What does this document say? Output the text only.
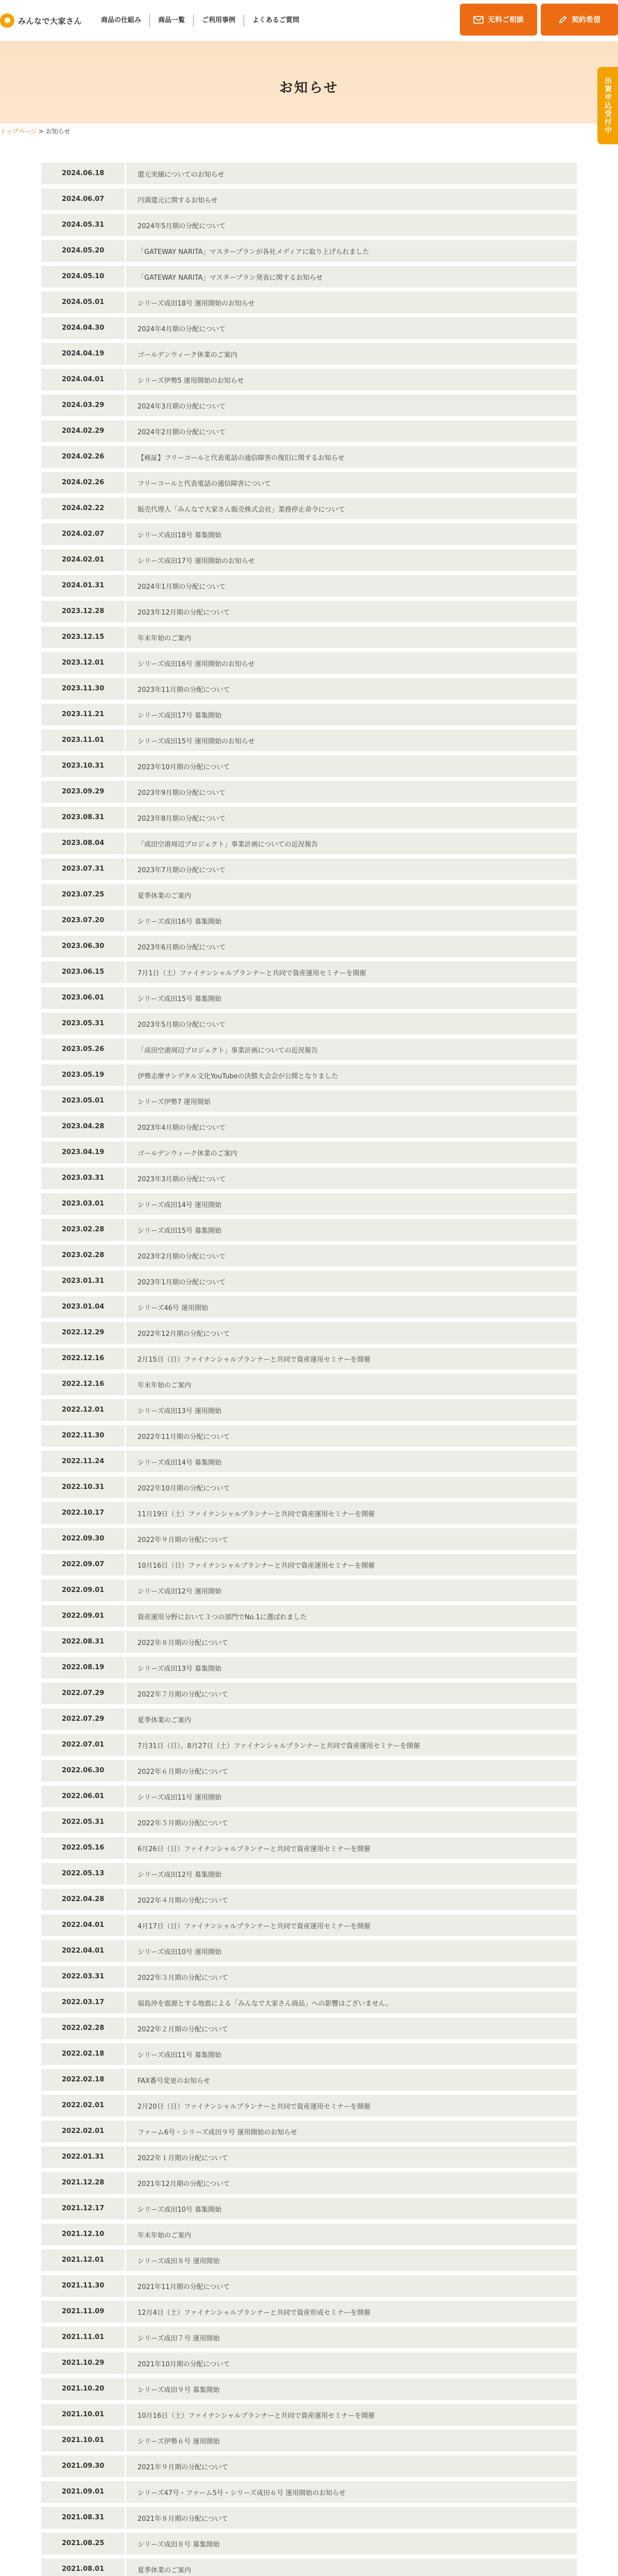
みんなで大家さん	商品の仕組み	商品一覧	ご利用事例	よくあるご質問	无料ご相談	契約希望
お知らせ	出資申込受付中
トップページ > お知らせ
2024.06.18	還元実績についてのお知らせ
2024.06.07	円満還元に関するお知らせ
2024.05.31	2024年5月期の分配について
2024.05.20	「GATEWAY NARITA」マスタープランが各社メディアに取り上げられました
2024.05.10	「GATEWAY NARITA」マスタープラン発表に関するお知らせ
2024.05.01	シリーズ成田18号 運用開始のお知らせ
2024.04.30	2024年4月期の分配について
2024.04.19	ゴールデンウィーク休業のご案内
2024.04.01	シリーズ伊勢5 運用開始のお知らせ
2024.03.29	2024年3月期の分配について
2024.02.29	2024年2月期の分配について
2024.02.26	【検証】フリーコールと代表電話の通信障害の復旧に関するお知らせ
2024.02.26	フリーコールと代表電話の通信障害について
2024.02.22	販売代理人「みんなで大家さん販売株式会社」業務停止命令について
2024.02.07	シリーズ成田18号 募集開始
2024.02.01	シリーズ成田17号 運用開始のお知らせ
2024.01.31	2024年1月期の分配について
2023.12.28	2023年12月期の分配について
2023.12.15	年末年始のご案内
2023.12.01	シリーズ成田16号 運用開始のお知らせ
2023.11.30	2023年11月期の分配について
2023.11.21	シリーズ成田17号 募集開始
2023.11.01	シリーズ成田15号 運用開始のお知らせ
2023.10.31	2023年10月期の分配について
2023.09.29	2023年9月期の分配について
2023.08.31	2023年8月期の分配について
2023.08.04	「成田空港周辺プロジェクト」事業計画についての近況報告
2023.07.31	2023年7月期の分配について
2023.07.25	夏季休業のご案内
2023.07.20	シリーズ成田16号 募集開始
2023.06.30	2023年6月期の分配について
2023.06.15	7月1日（土）ファイナンシャルプランナーと共同で資産運用セミナーを開催
2023.06.01	シリーズ成田15号 募集開始
2023.05.31	2023年5月期の分配について
2023.05.26	「成田空港周辺プロジェクト」事業計画についての近況報告
2023.05.19	伊勢志摩サンデタル文化YouTubeの決勝大会会が公開となりました
2023.05.01	シリーズ伊勢7 運用開始
2023.04.28	2023年4月期の分配について
2023.04.19	ゴールデンウィーク休業のご案内
2023.03.31	2023年3月期の分配について
2023.03.01	シリーズ成田14号 運用開始
2023.02.28	シリーズ成田15号 募集開始
2023.02.28	2023年2月期の分配について
2023.01.31	2023年1月期の分配について
2023.01.04	シリーズ46号 運用開始
2022.12.29	2022年12月期の分配について
2022.12.16	2月15日（日）ファイナンシャルプランナーと共同で資産運用セミナーを開催
2022.12.16	年末年始のご案内
2022.12.01	シリーズ成田13号 運用開始
2022.11.30	2022年11月期の分配について
2022.11.24	シリーズ成田14号 募集開始
2022.10.31	2022年10月期の分配について
2022.10.17	11月19日（土）ファイナンシャルプランナーと共同で資産運用セミナーを開催
2022.09.30	2022年９月期の分配について
2022.09.07	10月16日（日）ファイナンシャルプランナーと共同で資産運用セミナーを開催
2022.09.01	シリーズ成田12号 運用開始
2022.09.01	資産運用分野において３つの部門でNo.1に選ばれました
2022.08.31	2022年８月期の分配について
2022.08.19	シリーズ成田13号 募集開始
2022.07.29	2022年７月期の分配について
2022.07.29	夏季休業のご案内
2022.07.01	7月31日（日）、8月27日（土）ファイナンシャルプランナーと共同で資産運用セミナーを開催
2022.06.30	2022年６月期の分配について
2022.06.01	シリーズ成田11号 運用開始
2022.05.31	2022年５月期の分配について
2022.05.16	6月26日（日）ファイナンシャルプランナーと共同で資産運用セミナーを開催
2022.05.13	シリーズ成田12号 募集開始
2022.04.28	2022年４月期の分配について
2022.04.01	4月17日（日）ファイナンシャルプランナーと共同で資産運用セミナーを開催
2022.04.01	シリーズ成田10号 運用開始
2022.03.31	2022年３月期の分配について
2022.03.17	福島沖を震源とする地震による「みんなで大家さん商品」への影響はございません。
2022.02.28	2022年２月期の分配について
2022.02.18	シリーズ成田11号 募集開始
2022.02.18	FAX番号変更のお知らせ
2022.02.01	2月20日（日）ファイナンシャルプランナーと共同で資産運用セミナーを開催
2022.02.01	ファーム6号・シリーズ成田９号 運用開始のお知らせ
2022.01.31	2022年１月期の分配について
2021.12.28	2021年12月期の分配について
2021.12.17	シリーズ成田10号 募集開始
2021.12.10	年末年始のご案内
2021.12.01	シリーズ成田８号 運用開始
2021.11.30	2021年11月期の分配について
2021.11.09	12月4日（土）ファイナンシャルプランナーと共同で資産形成セミナーを開催
2021.11.01	シリーズ成田７号 運用開始
2021.10.29	2021年10月期の分配について
2021.10.20	シリーズ成田９号 募集開始
2021.10.01	10月16日（土）ファイナンシャルプランナーと共同で資産運用セミナーを開催
2021.10.01	シリーズ伊勢６号 運用開始
2021.09.30	2021年９月期の分配について
2021.09.01	シリーズ47号・ファーム5号・シリーズ成田６号 運用開始のお知らせ
2021.08.31	2021年８月期の分配について
2021.08.25	シリーズ成田８号 募集開始
2021.08.01	夏季休業のご案内
